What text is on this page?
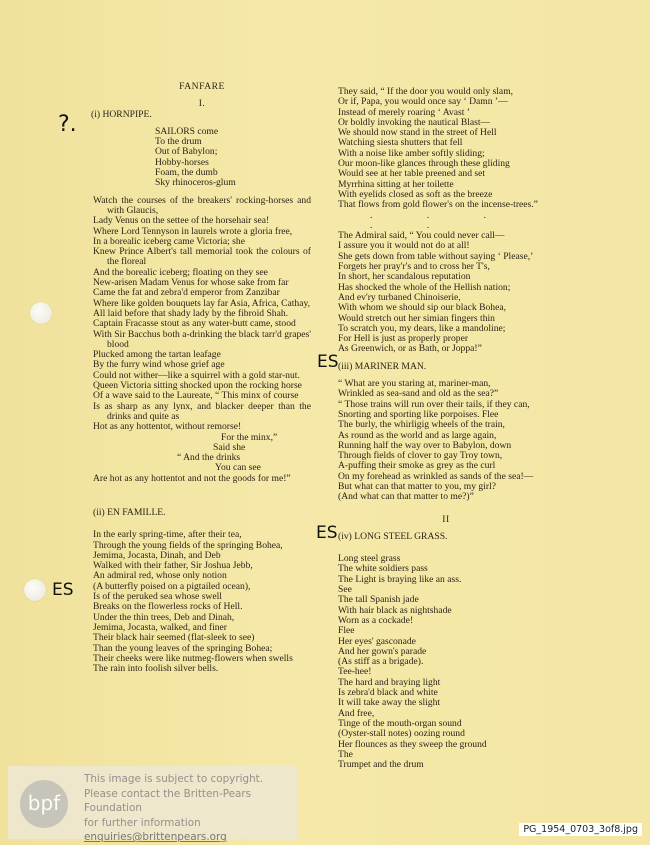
?.
ES
ES
ES

FANFARE

I.

(i) HORNPIPE.

SAILORS come

To the drum

Out of Babylon;

Hobby-horses

Foam, the dumb

Sky rhinoceros-glum

Watch the courses of the breakers' rocking-horses and with Glaucis,

Lady Venus on the settee of the horsehair sea!

Where Lord Tennyson in laurels wrote a gloria free,

In a borealic iceberg came Victoria; she

Knew Prince Albert's tall memorial took the colours of the floreal

And the borealic iceberg; floating on they see

New-arisen Madam Venus for whose sake from far

Came the fat and zebra'd emperor from Zanzibar

Where like golden bouquets lay far Asia, Africa, Cathay,

All laid before that shady lady by the fibroid Shah.

Captain Fracasse stout as any water-butt came, stood

With Sir Bacchus both a-drinking the black tarr'd grapes' blood

Plucked among the tartan leafage

By the furry wind whose grief age

Could not wither—like a squirrel with a gold star-nut.

Queen Victoria sitting shocked upon the rocking horse

Of a wave said to the Laureate, “ This minx of course

Is as sharp as any lynx, and blacker deeper than the drinks and quite as

Hot as any hottentot, without remorse!

For the minx,”

Said she

“ And the drinks

You can see

Are hot as any hottentot and not the goods for me!”

(ii) EN FAMILLE.

In the early spring-time, after their tea,

Through the young fields of the springing Bohea,

Jemima, Jocasta, Dinah, and Deb

Walked with their father, Sir Joshua Jebb,

An admiral red, whose only notion

(A butterfly poised on a pigtailed ocean),

Is of the peruked sea whose swell

Breaks on the flowerless rocks of Hell.

Under the thin trees, Deb and Dinah,

Jemima, Jocasta, walked, and finer

Their black hair seemed (flat-sleek to see)

Than the young leaves of the springing Bohea;

Their cheeks were like nutmeg-flowers when swells

The rain into foolish silver bells.

They said, “ If the door you would only slam,

Or if, Papa, you would once say ‘ Damn ’—

Instead of merely roaring ‘ Avast ’

Or boldly invoking the nautical Blast—

We should now stand in the street of Hell

Watching siesta shutters that fell

With a noise like amber softly sliding;

Our moon-like glances through these gliding

Would see at her table preened and set

Myrrhina sitting at her toilette

With eyelids closed as soft as the breeze

That flows from gold flower's on the incense-trees.”

. . . . .

The Admiral said, “ You could never call—

I assure you it would not do at all!

She gets down from table without saying ‘ Please,’

Forgets her pray'r's and to cross her T's,

In short, her scandalous reputation

Has shocked the whole of the Hellish nation;

And ev'ry turbaned Chinoiserie,

With whom we should sip our black Bohea,

Would stretch out her simian fingers thin

To scratch you, my dears, like a mandoline;

For Hell is just as properly proper

As Greenwich, or as Bath, or Joppa!”

(iii) MARINER MAN.

“ What are you staring at, mariner-man,

Wrinkled as sea-sand and old as the sea?”

“ Those trains will run over their tails, if they can,

Snorting and sporting like porpoises. Flee

The burly, the whirligig wheels of the train,

As round as the world and as large again,

Running half the way over to Babylon, down

Through fields of clover to gay Troy town,

A-puffing their smoke as grey as the curl

On my forehead as wrinkled as sands of the sea!—

But what can that matter to you, my girl?

(And what can that matter to me?)”

II

(iv) LONG STEEL GRASS.

Long steel grass

The white soldiers pass

The Light is braying like an ass.

See

The tall Spanish jade

With hair black as nightshade

Worn as a cockade!

Flee

Her eyes' gasconade

And her gown's parade

(As stiff as a brigade).

Tee-hee!

The hard and braying light

Is zebra'd black and white

It will take away the slight

And free,

Tinge of the mouth-organ sound

(Oyster-stall notes) oozing round

Her flounces as they sweep the ground

The

Trumpet and the drum

bpf
This image is subject to copyright.
Please contact the Britten-Pears Foundation
for further information
enquiries@brittenpears.org
PG_1954_0703_3of8.jpg
